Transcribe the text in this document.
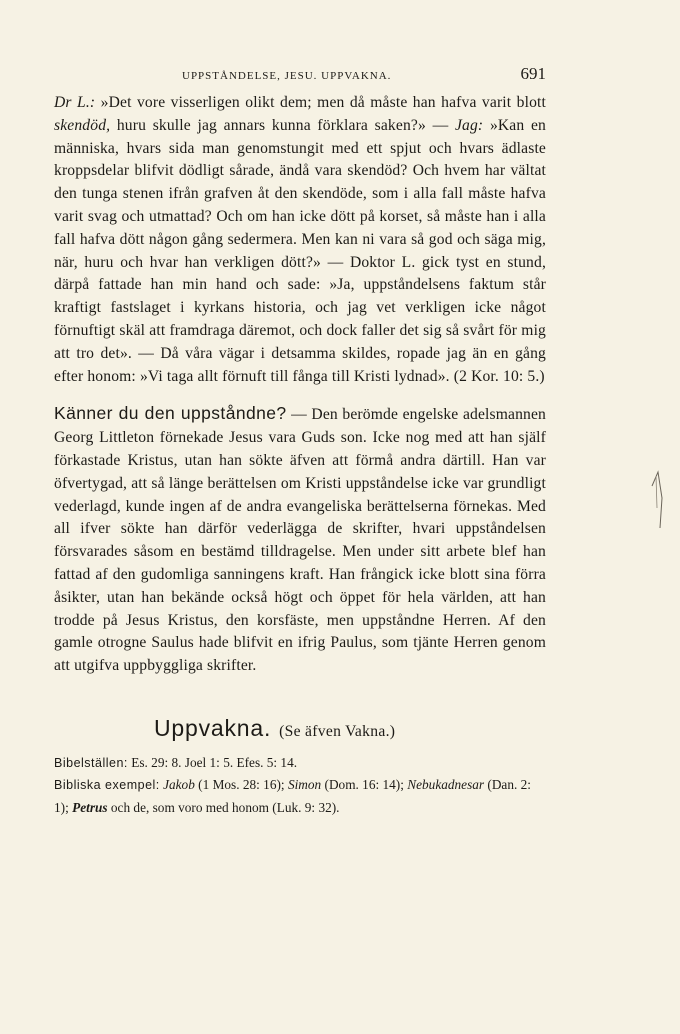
UPPSTÅNDELSE, JESU. UPPVAKNA.	691

Dr L.: »Det vore visserligen olikt dem; men då måste han hafva varit blott skendöd, huru skulle jag annars kunna förklara saken?» — Jag: »Kan en människa, hvars sida man genomstungit med ett spjut och hvars ädlaste kroppsdelar blifvit dödligt sårade, ändå vara skendöd? Och hvem har vältat den tunga stenen ifrån grafven åt den skendöde, som i alla fall måste hafva varit svag och utmattad? Och om han icke dött på korset, så måste han i alla fall hafva dött någon gång sedermera. Men kan ni vara så god och säga mig, när, huru och hvar han verkligen dött?» — Doktor L. gick tyst en stund, därpå fattade han min hand och sade: »Ja, uppståndelsens faktum står kraftigt fastslaget i kyrkans historia, och jag vet verkligen icke något förnuftigt skäl att framdraga däremot, och dock faller det sig så svårt för mig att tro det». — Då våra vägar i detsamma skildes, ropade jag än en gång efter honom: »Vi taga allt förnuft till fånga till Kristi lydnad». (2 Kor. 10: 5.)

Känner du den uppståndne? — Den berömde engelske adelsmannen Georg Littleton förnekade Jesus vara Guds son. Icke nog med att han själf förkastade Kristus, utan han sökte äfven att förmå andra därtill. Han var öfvertygad, att så länge berättelsen om Kristi uppståndelse icke var grundligt vederlagd, kunde ingen af de andra evangeliska berättelserna förnekas. Med all ifver sökte han därför vederlägga de skrifter, hvari uppståndelsen försvarades såsom en bestämd tilldragelse. Men under sitt arbete blef han fattad af den gudomliga sanningens kraft. Han frångick icke blott sina förra åsikter, utan han bekände också högt och öppet för hela världen, att han trodde på Jesus Kristus, den korsfäste, men uppståndne Herren. Af den gamle otrogne Saulus hade blifvit en ifrig Paulus, som tjänte Herren genom att utgifva uppbyggliga skrifter.

Uppvakna. (Se äfven Vakna.)

Bibelställen: Es. 29: 8. Joel 1: 5. Efes. 5: 14.

Bibliska exempel: Jakob (1 Mos. 28: 16); Simon (Dom. 16: 14); Nebukadnesar (Dan. 2: 1); Petrus och de, som voro med honom (Luk. 9: 32).
